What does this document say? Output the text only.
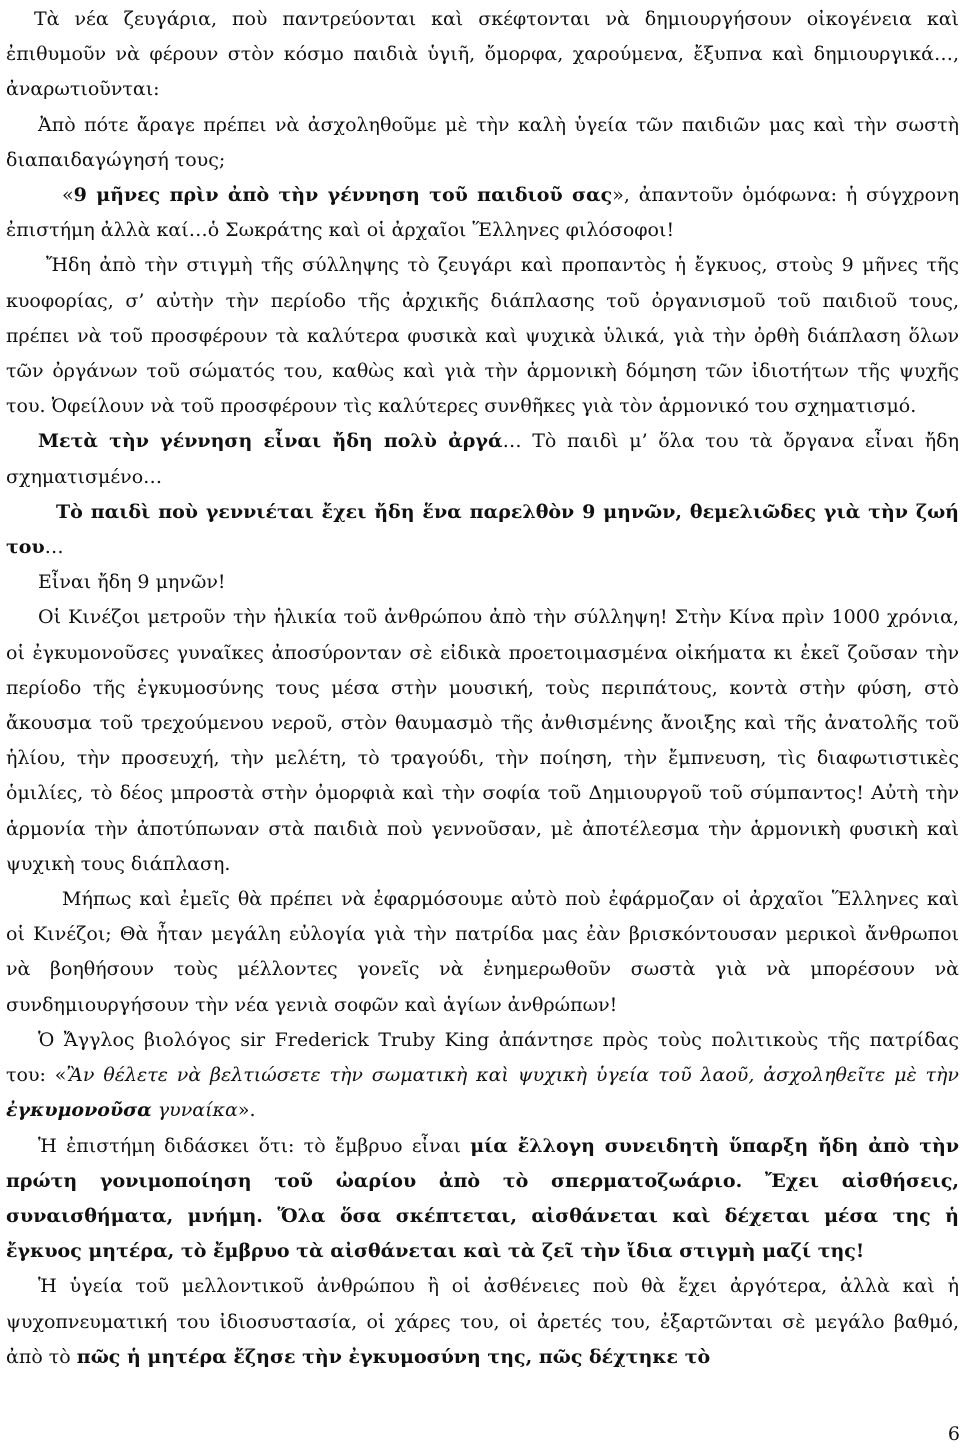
Τὰ νέα ζευγάρια, ποὺ παντρεύονται καὶ σκέφτονται νὰ δημιουργήσουν οἰκογένεια καὶ ἐπιθυμοῦν νὰ φέρουν στὸν κόσμο παιδιὰ ὑγιῆ, ὄμορφα, χαρούμενα, ἔξυπνα καὶ δημιουργικά…, ἀναρωτιοῦνται:

Ἀπὸ πότε ἄραγε πρέπει νὰ ἀσχοληθοῦμε μὲ τὴν καλὴ ὑγεία τῶν παιδιῶν μας καὶ τὴν σωστὴ διαπαιδαγώγησή τους;

«9 μῆνες πρὶν ἀπὸ τὴν γέννηση τοῦ παιδιοῦ σας», ἀπαντοῦν ὁμόφωνα: ἡ σύγχρονη ἐπιστήμη ἀλλὰ καί…ὁ Σωκράτης καὶ οἱ ἀρχαῖοι Ἕλληνες φιλόσοφοι!

Ἤδη ἀπὸ τὴν στιγμὴ τῆς σύλληψης τὸ ζευγάρι καὶ προπαντὸς ἡ ἔγκυος, στοὺς 9 μῆνες τῆς κυοφορίας, σ’ αὐτὴν τὴν περίοδο τῆς ἀρχικῆς διάπλασης τοῦ ὀργανισμοῦ τοῦ παιδιοῦ τους, πρέπει νὰ τοῦ προσφέρουν τὰ καλύτερα φυσικὰ καὶ ψυχικὰ ὑλικά, γιὰ τὴν ὀρθὴ διάπλαση ὅλων τῶν ὀργάνων τοῦ σώματός του, καθὼς καὶ γιὰ τὴν ἁρμονικὴ δόμηση τῶν ἰδιοτήτων τῆς ψυχῆς του. Ὀφείλουν νὰ τοῦ προσφέρουν τὶς καλύτερες συνθῆκες γιὰ τὸν ἁρμονικό του σχηματισμό.

Μετὰ τὴν γέννηση εἶναι ἤδη πολὺ ἀργά… Τὸ παιδὶ μ’ ὅλα του τὰ ὄργανα εἶναι ἤδη σχηματισμένο…

Τὸ παιδὶ ποὺ γεννιέται ἔχει ἤδη ἕνα παρελθὸν 9 μηνῶν, θεμελιῶδες γιὰ τὴν ζωή του…

Εἶναι ἤδη 9 μηνῶν!

Οἱ Κινέζοι μετροῦν τὴν ἡλικία τοῦ ἀνθρώπου ἀπὸ τὴν σύλληψη! Στὴν Κίνα πρὶν 1000 χρόνια, οἱ ἐγκυμονοῦσες γυναῖκες ἀποσύρονταν σὲ εἰδικὰ προετοιμασμένα οἰκήματα κι ἐκεῖ ζοῦσαν τὴν περίοδο τῆς ἐγκυμοσύνης τους μέσα στὴν μουσική, τοὺς περιπάτους, κοντὰ στὴν φύση, στὸ ἄκουσμα τοῦ τρεχούμενου νεροῦ, στὸν θαυμασμὸ τῆς ἀνθισμένης ἄνοιξης καὶ τῆς ἀνατολῆς τοῦ ἡλίου, τὴν προσευχή, τὴν μελέτη, τὸ τραγούδι, τὴν ποίηση, τὴν ἔμπνευση, τὶς διαφωτιστικὲς ὁμιλίες, τὸ δέος μπροστὰ στὴν ὀμορφιὰ καὶ τὴν σοφία τοῦ Δημιουργοῦ τοῦ σύμπαντος! Αὐτὴ τὴν ἁρμονία τὴν ἀποτύπωναν στὰ παιδιὰ ποὺ γεννοῦσαν, μὲ ἀποτέλεσμα τὴν ἁρμονικὴ φυσικὴ καὶ ψυχικὴ τους διάπλαση.

Μήπως καὶ ἐμεῖς θὰ πρέπει νὰ ἐφαρμόσουμε αὐτὸ ποὺ ἐφάρμοζαν οἱ ἀρχαῖοι Ἕλληνες καὶ οἱ Κινέζοι; Θὰ ἦταν μεγάλη εὐλογία γιὰ τὴν πατρίδα μας ἐὰν βρισκόντουσαν μερικοὶ ἄνθρωποι νὰ βοηθήσουν τοὺς μέλλοντες γονεῖς νὰ ἐνημερωθοῦν σωστὰ γιὰ νὰ μπορέσουν νὰ συνδημιουργήσουν τὴν νέα γενιὰ σοφῶν καὶ ἁγίων ἀνθρώπων!

Ὁ Ἄγγλος βιολόγος sir Frederick Truby King ἀπάντησε πρὸς τοὺς πολιτικοὺς τῆς πατρίδας του: «Ἂν θέλετε νὰ βελτιώσετε τὴν σωματικὴ καὶ ψυχικὴ ὑγεία τοῦ λαοῦ, ἀσχοληθεῖτε μὲ τὴν ἐγκυμονοῦσα γυναίκα».

Ἡ ἐπιστήμη διδάσκει ὅτι: τὸ ἔμβρυο εἶναι μία ἔλλογη συνειδητὴ ὕπαρξη ἤδη ἀπὸ τὴν πρώτη γονιμοποίηση τοῦ ὠαρίου ἀπὸ τὸ σπερματοζωάριο. Ἔχει αἰσθήσεις, συναισθήματα, μνήμη. Ὅλα ὅσα σκέπτεται, αἰσθάνεται καὶ δέχεται μέσα της ἡ ἔγκυος μητέρα, τὸ ἔμβρυο τὰ αἰσθάνεται καὶ τὰ ζεῖ τὴν ἴδια στιγμὴ μαζί της!

Ἡ ὑγεία τοῦ μελλοντικοῦ ἀνθρώπου ἢ οἱ ἀσθένειες ποὺ θὰ ἔχει ἀργότερα, ἀλλὰ καὶ ἡ ψυχοπνευματική του ἰδιοσυστασία, οἱ χάρες του, οἱ ἀρετές του, ἐξαρτῶνται σὲ μεγάλο βαθμό, ἀπὸ τὸ πῶς ἡ μητέρα ἔζησε τὴν ἐγκυμοσύνη της, πῶς δέχτηκε τὸ

6
